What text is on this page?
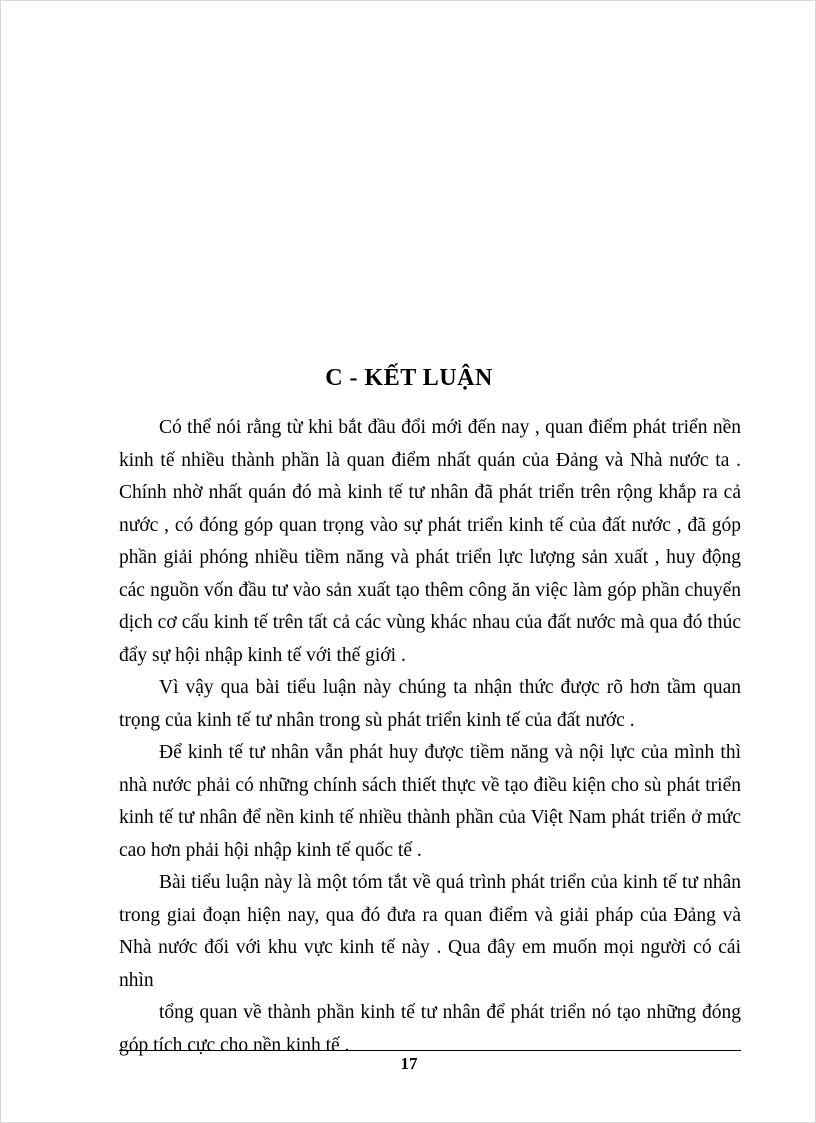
C - KẾT LUẬN

Có thể nói rằng từ khi bắt đầu đổi mới đến nay , quan điểm phát triển nền kinh tế nhiều thành phần là quan điểm nhất quán của Đảng và Nhà nước ta . Chính nhờ nhất quán đó mà kinh tế tư nhân đã phát triển trên rộng khắp ra cả nước , có đóng góp quan trọng vào sự phát triển kinh tế của đất nước , đã góp phần giải phóng nhiều tiềm năng và phát triển lực lượng sản xuất , huy động các nguồn vốn đầu tư vào sản xuất tạo thêm công ăn việc làm góp phần chuyển dịch cơ cấu kinh tế trên tất cả các vùng khác nhau của đất nước mà qua đó thúc đẩy sự hội nhập kinh tế với thế giới .

Vì vậy qua bài tiểu luận này chúng ta nhận thức được rõ hơn tầm quan trọng của kinh tế tư nhân trong sù phát triển kinh tế của đất nước .

Để kinh tế tư nhân vẫn phát huy được tiềm năng và nội lực của mình thì nhà nước phải có những chính sách thiết thực về tạo điều kiện cho sù phát triển kinh tế tư nhân để nền kinh tế nhiều thành phần của Việt Nam phát triển ở mức cao hơn phải hội nhập kinh tế quốc tế .

Bài tiểu luận này là một tóm tắt về quá trình phát triển của kinh tế tư nhân trong giai đoạn hiện nay, qua đó đưa ra quan điểm và giải pháp của Đảng và Nhà nước đối với khu vực kinh tế này . Qua đây em muốn mọi người có cái nhìn

tổng quan về thành phần kinh tế tư nhân để phát triển nó tạo những đóng góp tích cực cho nền kinh tế .

17
